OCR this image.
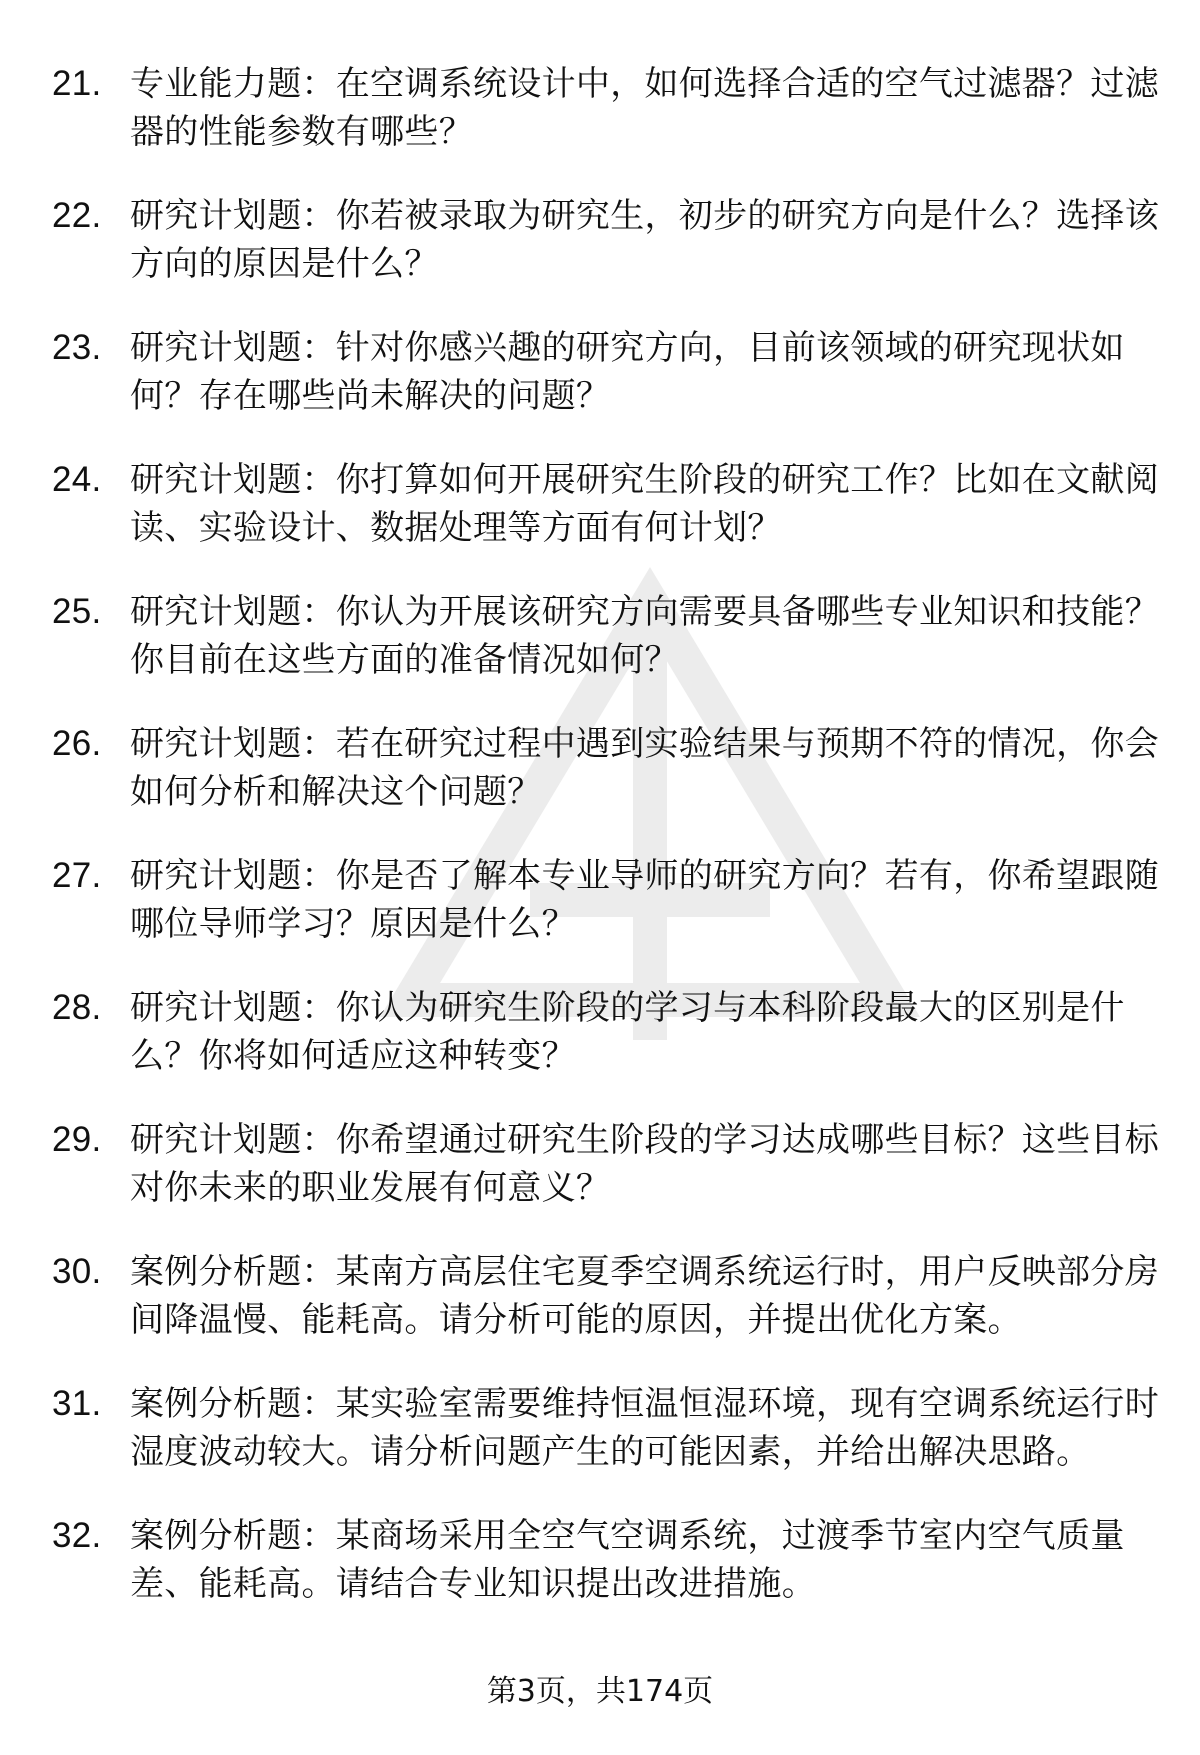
21. 专业能力题：在空调系统设计中，如何选择合适的空气过滤器？过滤器的性能参数有哪些？
22. 研究计划题：你若被录取为研究生，初步的研究方向是什么？选择该方向的原因是什么？
23. 研究计划题：针对你感兴趣的研究方向，目前该领域的研究现状如何？存在哪些尚未解决的问题？
24. 研究计划题：你打算如何开展研究生阶段的研究工作？比如在文献阅读、实验设计、数据处理等方面有何计划？
25. 研究计划题：你认为开展该研究方向需要具备哪些专业知识和技能？你目前在这些方面的准备情况如何？
26. 研究计划题：若在研究过程中遇到实验结果与预期不符的情况，你会如何分析和解决这个问题？
27. 研究计划题：你是否了解本专业导师的研究方向？若有，你希望跟随哪位导师学习？原因是什么？
28. 研究计划题：你认为研究生阶段的学习与本科阶段最大的区别是什么？你将如何适应这种转变？
29. 研究计划题：你希望通过研究生阶段的学习达成哪些目标？这些目标对你未来的职业发展有何意义？
30. 案例分析题：某南方高层住宅夏季空调系统运行时，用户反映部分房间降温慢、能耗高。请分析可能的原因，并提出优化方案。
31. 案例分析题：某实验室需要维持恒温恒湿环境，现有空调系统运行时湿度波动较大。请分析问题产生的可能因素，并给出解决思路。
32. 案例分析题：某商场采用全空气空调系统，过渡季节室内空气质量差、能耗高。请结合专业知识提出改进措施。
第3页，共174页
